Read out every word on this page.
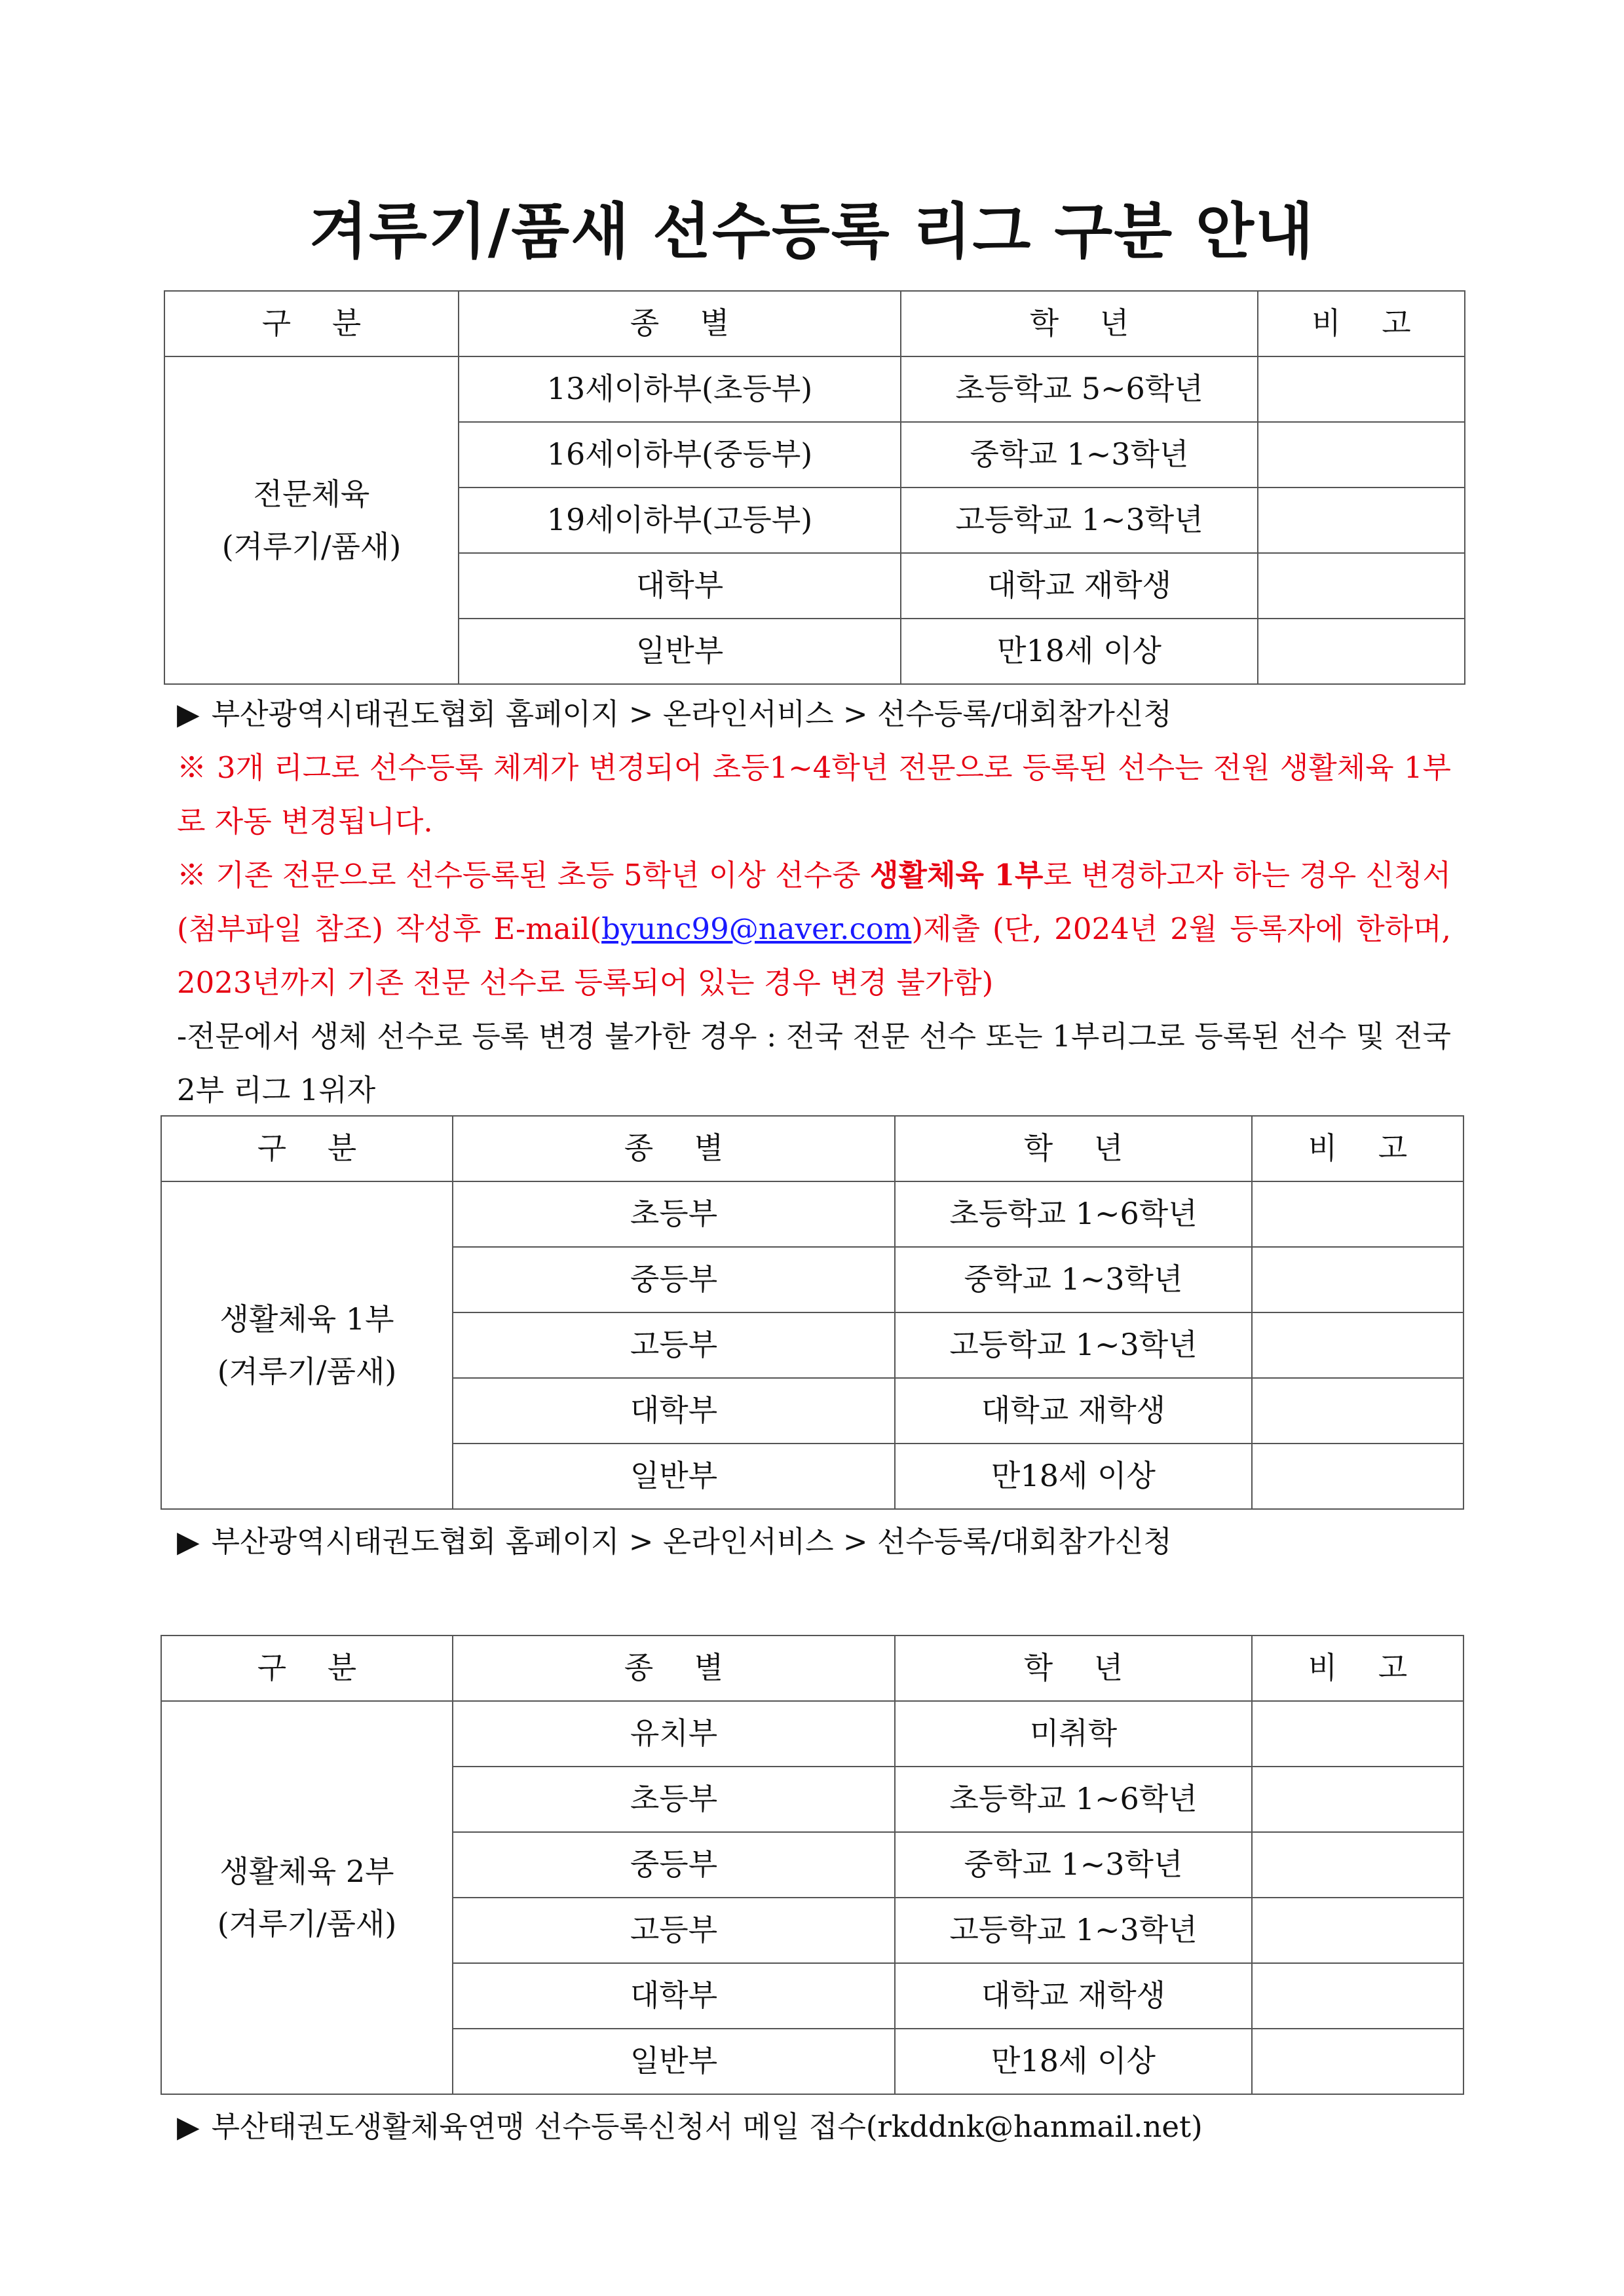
겨루기/품새 선수등록 리그 구분 안내
구 분	종 별	학 년	비 고

전문체육
(겨루기/품새)	13세이하부(초등부)	초등학교 5~6학년	
	16세이하부(중등부)	중학교 1~3학년	
	19세이하부(고등부)	고등학교 1~3학년	
	대학부	대학교 재학생	
	일반부	만18세 이상	

▶ 부산광역시태권도협회 홈페이지 > 온라인서비스 > 선수등록/대회참가신청

※ 3개 리그로 선수등록 체계가 변경되어 초등1~4학년 전문으로 등록된 선수는 전원 생활체육 1부로 자동 변경됩니다.

※ 기존 전문으로 선수등록된 초등 5학년 이상 선수중 생활체육 1부로 변경하고자 하는 경우 신청서(첨부파일 참조) 작성후 E-mail(byunc99@naver.com)제출 (단, 2024년 2월 등록자에 한하며, 2023년까지 기존 전문 선수로 등록되어 있는 경우 변경 불가함)

-전문에서 생체 선수로 등록 변경 불가한 경우 : 전국 전문 선수 또는 1부리그로 등록된 선수 및 전국 2부 리그 1위자

구 분	종 별	학 년	비 고

생활체육 1부
(겨루기/품새)	초등부	초등학교 1~6학년	
	중등부	중학교 1~3학년	
	고등부	고등학교 1~3학년	
	대학부	대학교 재학생	
	일반부	만18세 이상	

▶ 부산광역시태권도협회 홈페이지 > 온라인서비스 > 선수등록/대회참가신청

구 분	종 별	학 년	비 고

생활체육 2부
(겨루기/품새)	유치부	미취학	
	초등부	초등학교 1~6학년	
	중등부	중학교 1~3학년	
	고등부	고등학교 1~3학년	
	대학부	대학교 재학생	
	일반부	만18세 이상	

▶ 부산태권도생활체육연맹 선수등록신청서 메일 접수(rkddnk@hanmail.net)
